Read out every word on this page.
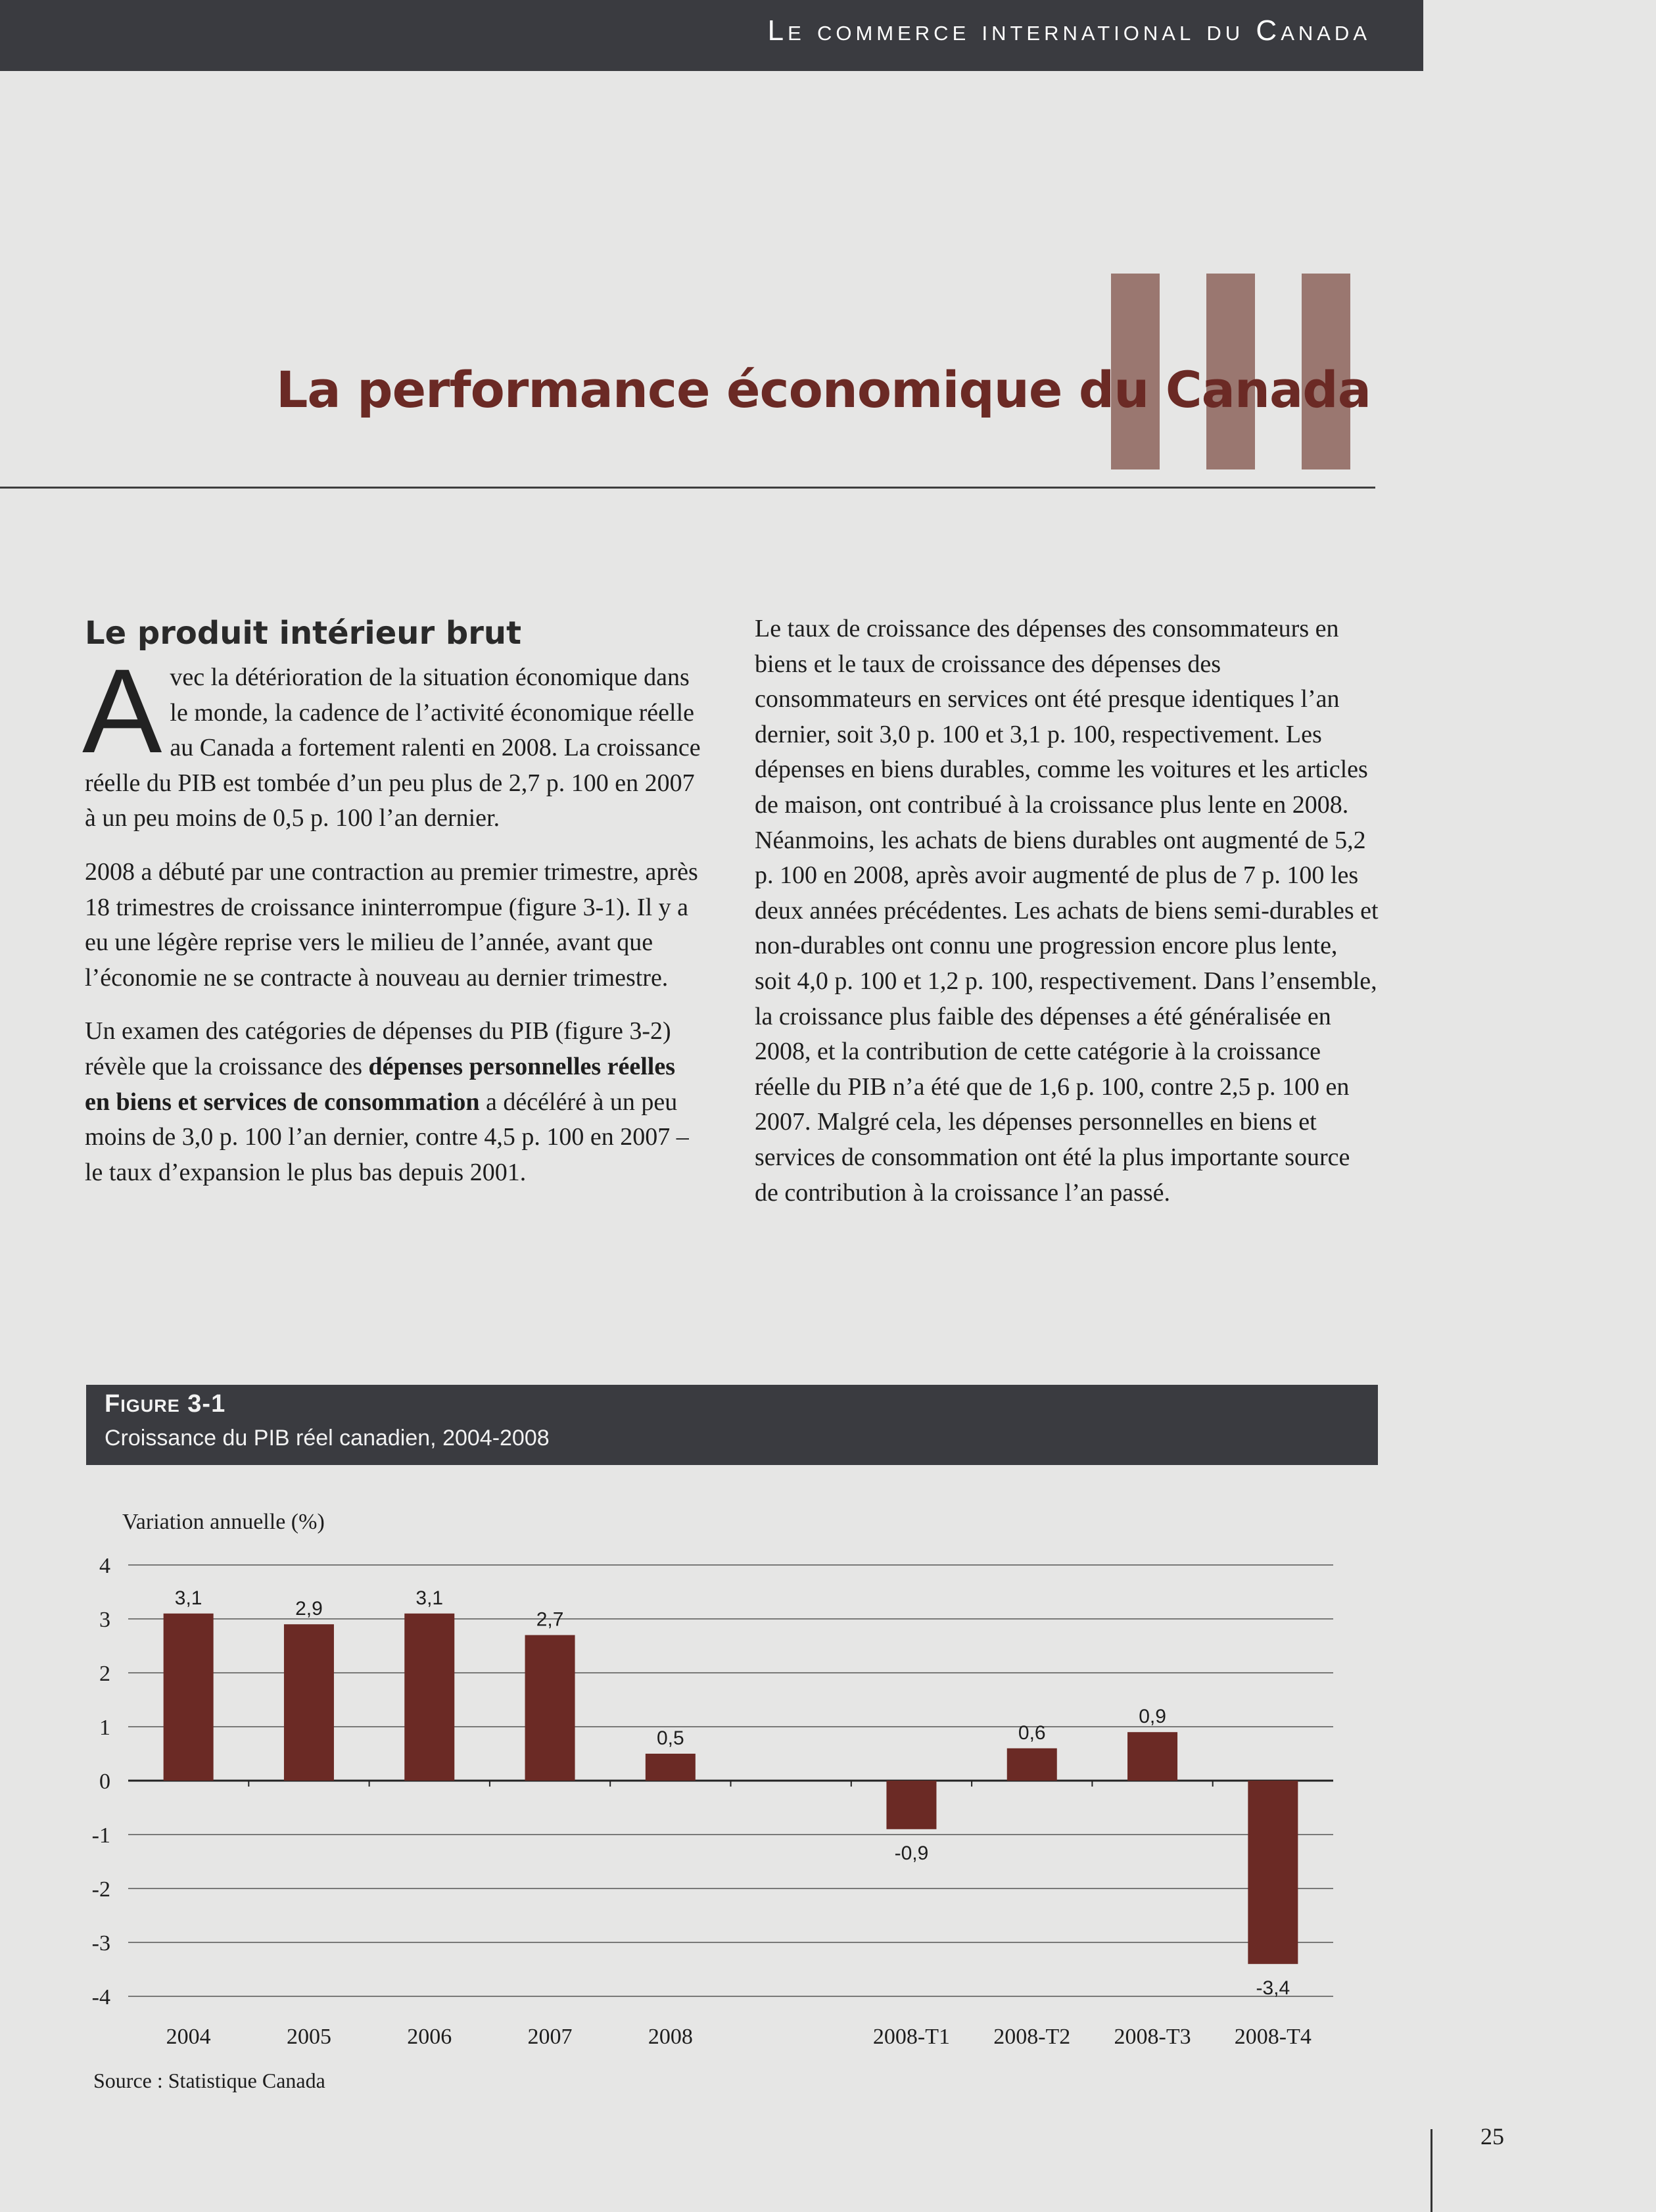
Le commerce international du Canada
La performance économique du Canada
Le produit intérieur brut

Avec la détérioration de la situation économique dans le monde, la cadence de l’activité économique réelle au Canada a fortement ralenti en 2008. La croissance réelle du PIB est tombée d’un peu plus de 2,7 p. 100 en 2007 à un peu moins de 0,5 p. 100 l’an dernier.

2008 a débuté par une contraction au premier trimestre, après 18 trimestres de croissance ininterrompue (figure 3-1). Il y a eu une légère reprise vers le milieu de l’année, avant que l’économie ne se contracte à nouveau au dernier trimestre.

Un examen des catégories de dépenses du PIB (figure 3-2) révèle que la croissance des dépenses personnelles réelles en biens et services de consommation a décéléré à un peu moins de 3,0 p. 100 l’an dernier, contre 4,5 p. 100 en 2007 – le taux d’expansion le plus bas depuis 2001.

Le taux de croissance des dépenses des consommateurs en biens et le taux de croissance des dépenses des consommateurs en services ont été presque identiques l’an dernier, soit 3,0 p. 100 et 3,1 p. 100, respectivement. Les dépenses en biens durables, comme les voitures et les articles de maison, ont contribué à la croissance plus lente en 2008. Néanmoins, les achats de biens durables ont augmenté de 5,2 p. 100 en 2008, après avoir augmenté de plus de 7 p. 100 les deux années précédentes. Les achats de biens semi-durables et non-durables ont connu une progression encore plus lente, soit 4,0 p. 100 et 1,2 p. 100, respectivement. Dans l’ensemble, la croissance plus faible des dépenses a été généralisée en 2008, et la contribution de cette catégorie à la croissance réelle du PIB n’a été que de 1,6 p. 100, contre 2,5 p. 100 en 2007. Malgré cela, les dépenses personnelles en biens et services de consommation ont été la plus importante source de contribution à la croissance l’an passé.

Figure 3-1
Croissance du PIB réel canadien, 2004-2008
Variation annuelle (%)
4
3
2
1
0
-1
-2
-3
-4
3,1
2004
2,9
2005
3,1
2006
2,7
2007
0,5
2008
-0,9
2008-T1
0,6
2008-T2
0,9
2008-T3
-3,4
2008-T4
Source : Statistique Canada
25
